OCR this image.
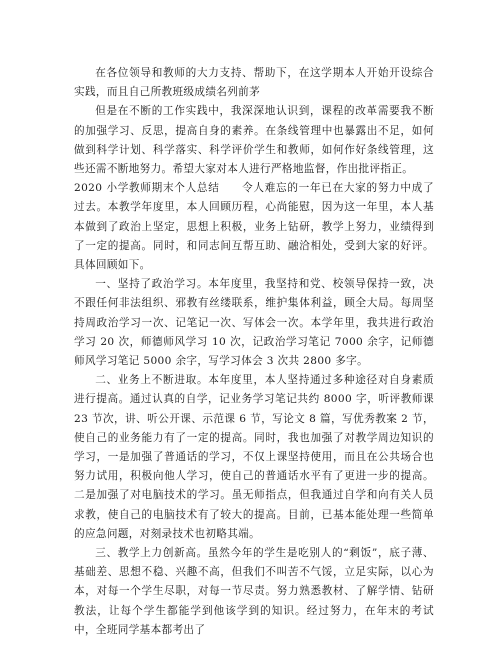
在各位领导和教师的大力支持、帮助下，在这学期本人开始开设综合实践，而且自己所教班级成绩名列前茅

但是在不断的工作实践中，我深深地认识到，课程的改革需要我不断的加强学习、反思，提高自身的素养。在条线管理中也暴露出不足，如何做到科学计划、科学落实、科学评价学生和教师，如何作好条线管理，这些还需不断地努力。希望大家对本人进行严格地监督，作出批评指正。

2020 小学教师期末个人总结　　令人难忘的一年已在大家的努力中成了过去。本教学年度里，本人回顾历程，心尚能慰，因为这一年里，本人基本做到了政治上坚定，思想上积极，业务上钻研，教学上努力，业绩得到了一定的提高。同时，和同志间互帮互助、融洽相处，受到大家的好评。具体回顾如下。

一、坚持了政治学习。本年度里，我坚持和党、校领导保持一致，决不跟任何非法组织、邪教有丝缕联系，维护集体利益，顾全大局。每周坚持周政治学习一次、记笔记一次、写体会一次。本学年里，我共进行政治学习 20 次，师德师风学习 10 次，记政治学习笔记 7000 余字，记师德师风学习笔记 5000 余字，写学习体会 3 次共 2800 多字。

二、业务上不断进取。本年度里，本人坚持通过多种途径对自身素质进行提高。通过认真的自学，记业务学习笔记共约 8000 字，听评教师课 23 节次，讲、听公开课、示范课 6 节，写论文 8 篇，写优秀教案 2 节，使自己的业务能力有了一定的提高。同时，我也加强了对教学周边知识的学习，一是加强了普通话的学习，不仅上课坚持使用，而且在公共场合也努力试用，积极向他人学习，使自己的普通话水平有了更进一步的提高。二是加强了对电脑技术的学习。虽无师指点，但我通过自学和向有关人员求教，使自己的电脑技术有了较大的提高。目前，已基本能处理一些简单的应急问题，对刻录技术也初略其端。

三、教学上力创新高。虽然今年的学生是吃别人的“剩饭”，底子薄、基础差、思想不稳、兴趣不高，但我们不叫苦不气馁，立足实际，以心为本，对每一个学生尽职，对每一节尽责。努力熟悉教材、了解学情、钻研教法，让每个学生都能学到他该学到的知识。经过努力，在年末的考试中，全班同学基本都考出了
